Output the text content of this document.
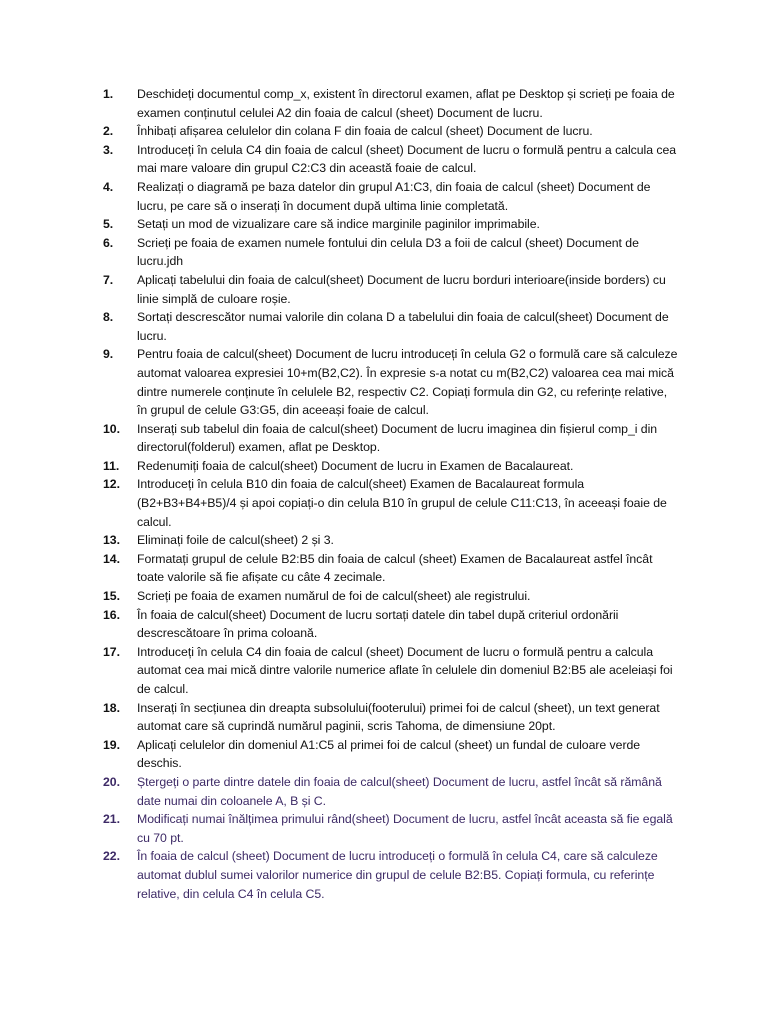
1.	Deschideți documentul comp_x, existent în directorul examen, aflat pe Desktop și scrieți pe foaia de examen conținutul celulei A2 din foaia de calcul (sheet) Document de lucru.
2.	Înhibați afișarea celulelor din colana F din foaia de calcul (sheet) Document de lucru.
3.	Introduceți în celula C4 din foaia de calcul (sheet) Document de lucru o formulă pentru a calcula cea mai mare valoare din grupul C2:C3 din această foaie de calcul.
4.	Realizați o diagramă pe baza datelor din grupul A1:C3, din foaia de calcul (sheet) Document de lucru, pe care să o inserați în document după ultima linie completată.
5.	Setați un mod de vizualizare care să indice marginile paginilor imprimabile.
6.	Scrieți pe foaia de examen numele fontului din celula D3 a foii de calcul (sheet) Document de lucru.jdh
7.	Aplicați tabelului din foaia de calcul(sheet) Document de lucru borduri interioare(inside borders) cu linie simplă de culoare roșie.
8.	Sortați descrescător numai valorile din colana D a tabelului din foaia de calcul(sheet) Document de lucru.
9.	Pentru foaia de calcul(sheet) Document de lucru introduceți în celula G2 o formulă care să calculeze automat valoarea expresiei 10+m(B2,C2). În expresie s-a notat cu m(B2,C2) valoarea cea mai mică dintre numerele conținute în celulele B2, respectiv C2. Copiați formula din G2, cu referințe relative, în grupul de celule G3:G5, din aceeași foaie de calcul.
10.	Inserați sub tabelul din foaia de calcul(sheet) Document de lucru imaginea din fișierul comp_i din directorul(folderul) examen, aflat pe Desktop.
11.	Redenumiți foaia de calcul(sheet) Document de lucru in Examen de Bacalaureat.
12.	Introduceți în celula B10 din foaia de calcul(sheet) Examen de Bacalaureat formula (B2+B3+B4+B5)/4 și apoi copiați-o din celula B10 în grupul de celule C11:C13, în aceeași foaie de calcul.
13.	Eliminați foile de calcul(sheet) 2 și 3.
14.	Formatați grupul de celule B2:B5 din foaia de calcul (sheet) Examen de Bacalaureat astfel încât toate valorile să fie afișate cu câte 4 zecimale.
15.	Scrieți pe foaia de examen numărul de foi de calcul(sheet) ale registrului.
16.	În foaia de calcul(sheet) Document de lucru sortați datele din tabel după criteriul ordonării descrescătoare în prima coloană.
17.	Introduceți în celula C4 din foaia de calcul (sheet) Document de lucru o formulă pentru a calcula automat cea mai mică dintre valorile numerice aflate în celulele din domeniul B2:B5 ale aceleiași foi de calcul.
18.	Inserați în secțiunea din dreapta subsolului(footerului) primei foi de calcul (sheet), un text generat automat care să cuprindă numărul paginii, scris Tahoma, de dimensiune 20pt.
19.	Aplicați celulelor din domeniul A1:C5 al primei foi de calcul (sheet) un fundal de culoare verde deschis.
20.	Ștergeți o parte dintre datele din foaia de calcul(sheet) Document de lucru, astfel încât să rămână date numai din coloanele A, B și C.
21.	Modificați numai înălțimea primului rând(sheet) Document de lucru, astfel încât aceasta să fie egală cu 70 pt.
22.	În foaia de calcul (sheet) Document de lucru introduceți o formulă în celula C4, care să calculeze automat dublul sumei valorilor numerice din grupul de celule B2:B5. Copiați formula, cu referințe relative, din celula C4 în celula C5.
